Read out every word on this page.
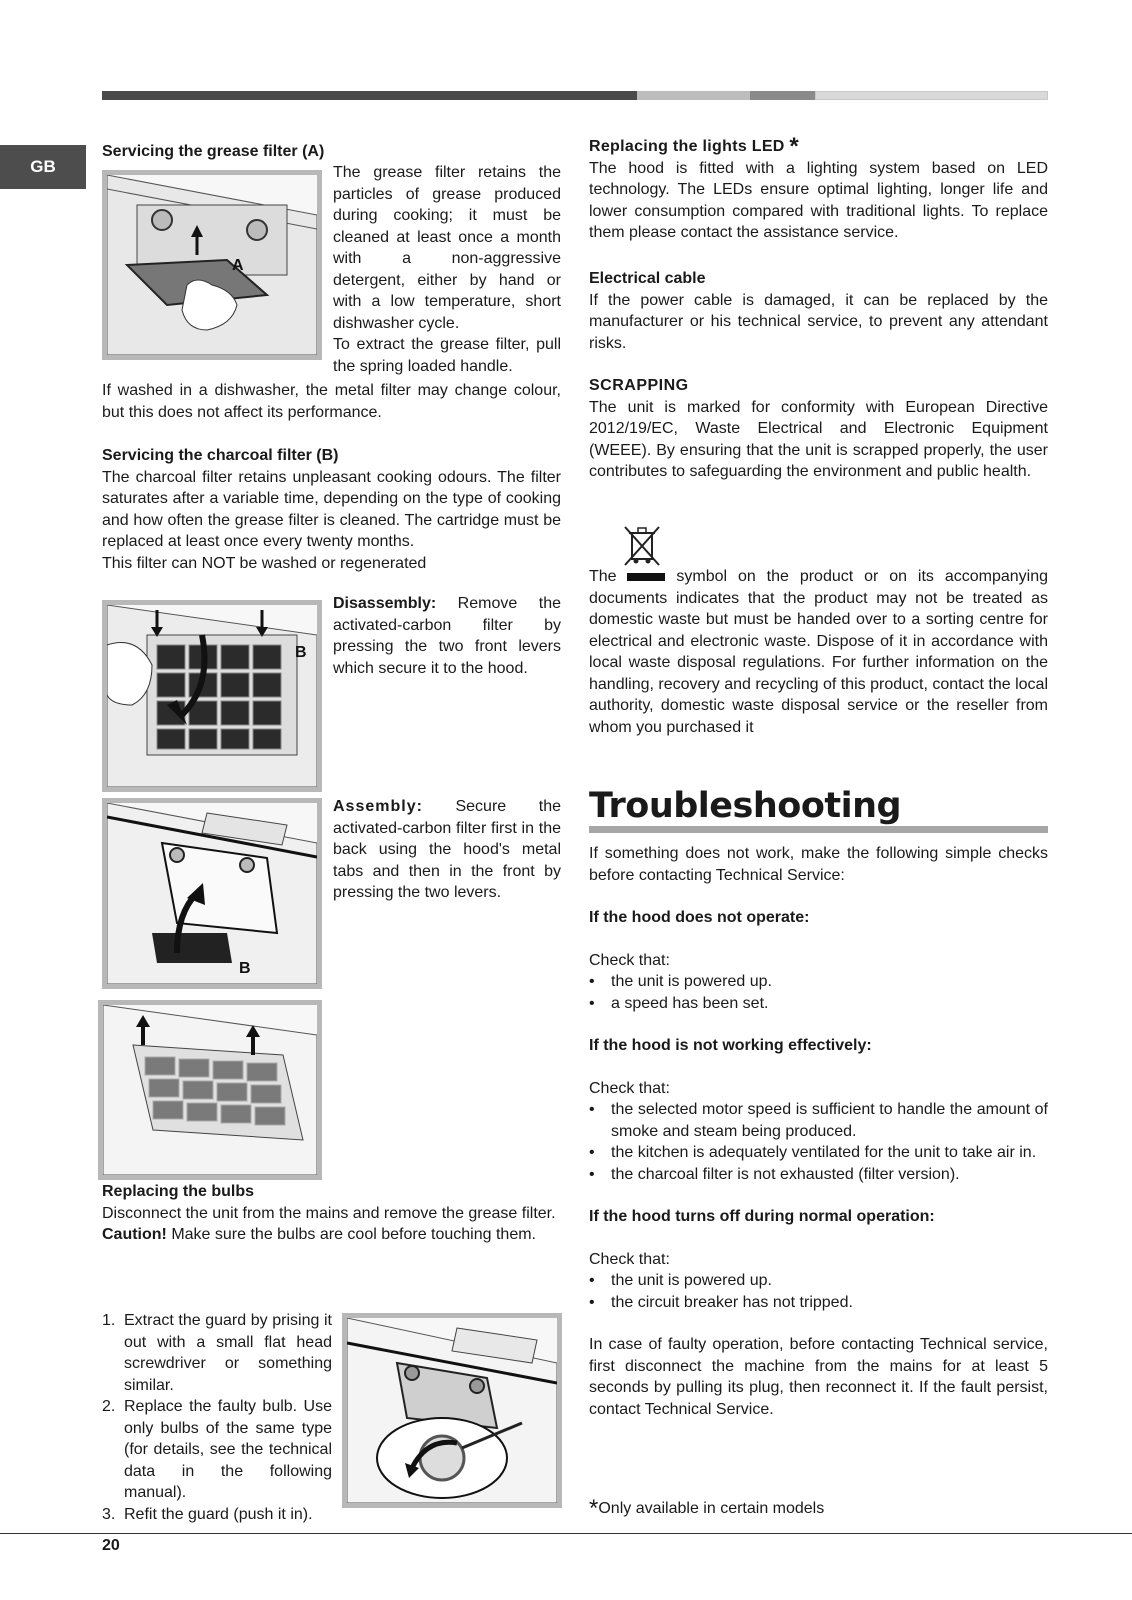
GB
Servicing the grease filter (A)
A

The grease filter retains the particles of grease produced during cooking; it must be cleaned at least once a month with a non-aggressive detergent, either by hand or with a low temperature, short dishwasher cycle.

To extract the grease filter, pull the spring loaded handle.

If washed in a dishwasher, the metal filter may change colour, but this does not affect its performance.

Servicing the charcoal filter (B)

The charcoal filter retains unpleasant cooking odours. The filter saturates after a variable time, depending on the type of cooking and how often the grease filter is cleaned. The cartridge must be replaced at least once every twenty months.

This filter can NOT be washed or regenerated

B
Disassembly: Remove the activated-carbon filter by pressing the two front levers which secure it to the hood.
B
Assembly: Secure the activated-carbon filter first in the back using the hood's metal tabs and then in the front by pressing the two levers.
Replacing the bulbs

Disconnect the unit from the mains and remove the grease filter.

Caution! Make sure the bulbs are cool before touching them.

1. Extract the guard by prising it out with a small flat head screwdriver or something similar.
2. Replace the faulty bulb. Use only bulbs of the same type (for details, see the technical data in the following manual).
3. Refit the guard (push it in).
Replacing the lights LED *

The hood is fitted with a lighting system based on LED technology. The LEDs ensure optimal lighting, longer life and lower consumption compared with traditional lights. To replace them please contact the assistance service.

Electrical cable

If the power cable is damaged, it can be replaced by the manufacturer or his technical service, to prevent any attendant risks.

SCRAPPING

The unit is marked for conformity with European Directive 2012/19/EC, Waste Electrical and Electronic Equipment (WEEE). By ensuring that the unit is scrapped properly, the user contributes to safeguarding the environment and public health.

The	symbol on the product or on its accompanying documents indicates that the product may not be treated as domestic waste but must be handed over to a sorting centre for electrical and electronic waste. Dispose of it in accordance with local waste disposal regulations. For further information on the handling, recovery and recycling of this product, contact the local authority, domestic waste disposal service or the reseller from whom you purchased it

Troubleshooting

If something does not work, make the following simple checks before contacting Technical Service:

If the hood does not operate:
Check that:
•	the unit is powered up.
•	a speed has been set.
If the hood is not working effectively:
Check that:
•	the selected motor speed is sufficient to handle the amount of smoke and steam being produced.
•	the kitchen is adequately ventilated for the unit to take air in.
•	the charcoal filter is not exhausted (filter version).
If the hood turns off during normal operation:
Check that:
•	the unit is powered up.
•	the circuit breaker has not tripped.

In case of faulty operation, before contacting Technical service, first disconnect the machine from the mains for at least 5 seconds by pulling its plug, then reconnect it. If the fault persist, contact Technical Service.

*Only available in certain models
20
